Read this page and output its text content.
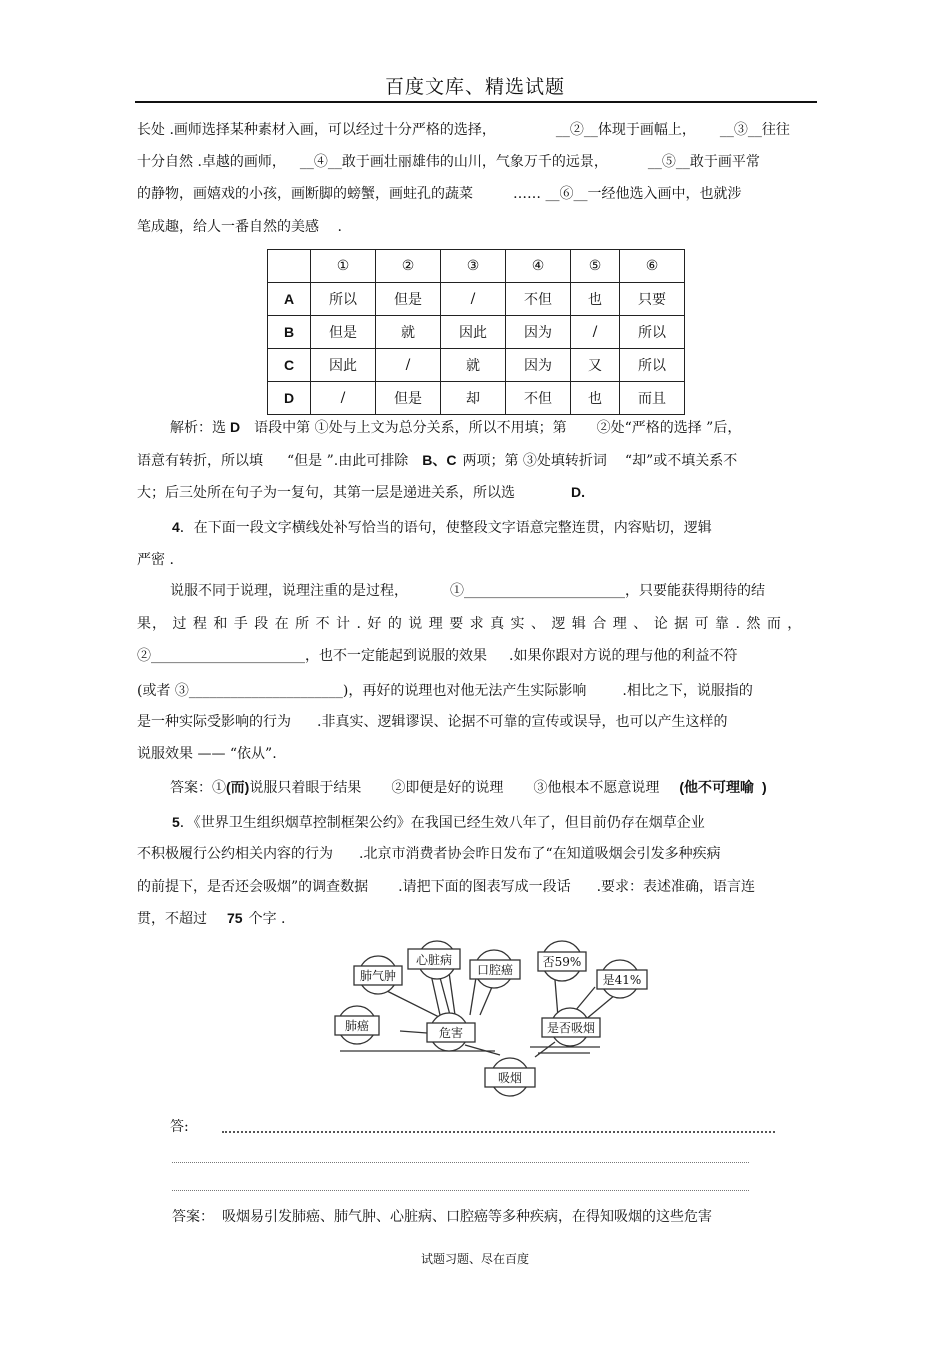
百度文库、精选试题
长处 .画师选择某种素材入画，可以经过十分严格的选择，	__②__体现于画幅上， __③__往往
十分自然 .卓越的画师， __④__敢于画壮丽雄伟的山川，气象万千的远景，	__⑤__敢于画平常
的静物，画嬉戏的小孩，画断脚的螃蟹，画蛀孔的蔬菜	…… __⑥__一经他选入画中，也就涉
笔成趣，给人一番自然的美感　 .
	①	②	③	④	⑤	⑥
A	所以	但是	/	不但	也	只要
B	但是	就	因此	因为	/	所以
C	因此	/	就	因为	又	所以
D	/	但是	却	不但	也	而且
解析：选 D 语段中第 ①处与上文为总分关系，所以不用填；第 ②处“严格的选择 ”后，
语意有转折，所以填 “但是 ”.由此可排除 B、C 两项；第 ③处填转折词 “却”或不填关系不
大；后三处所在句子为一复句，其第一层是递进关系，所以选	D.
4．在下面一段文字横线处补写恰当的语句，使整段文字语意完整连贯，内容贴切，逻辑
严密 .
说服不同于说理，说理注重的是过程，	①_______________________，只要能获得期待的结
果， 过 程 和 手 段 在 所 不 计 . 好 的 说 理 要 求 真 实 、 逻 辑 合 理 、 论 据 可 靠 . 然 而 ，
②______________________，也不一定能起到说服的效果 .如果你跟对方说的理与他的利益不符
(或者 ③______________________)，再好的说理也对他无法产生实际影响	.相比之下，说服指的
是一种实际受影响的行为 .非真实、逻辑谬误、论据不可靠的宣传或误导，也可以产生这样的
说服效果 —— “依从”.
答案：①(而)说服只着眼于结果 ②即便是好的说理 ③他根本不愿意说理 (他不可理喻 )
5．《世界卫生组织烟草控制框架公约》在我国已经生效八年了，但目前仍存在烟草企业
不积极履行公约相关内容的行为 .北京市消费者协会昨日发布了“在知道吸烟会引发多种疾病
的前提下，是否还会吸烟”的调查数据 .请把下面的图表写成一段话 .要求：表述准确，语言连
贯，不超过 75 个字 .
肺气肿
心脏病
口腔癌
否59%
是41%
肺癌	危害	是否吸烟
吸烟
答:
答案： 吸烟易引发肺癌、肺气肿、心脏病、口腔癌等多种疾病，在得知吸烟的这些危害
试题习题、尽在百度
